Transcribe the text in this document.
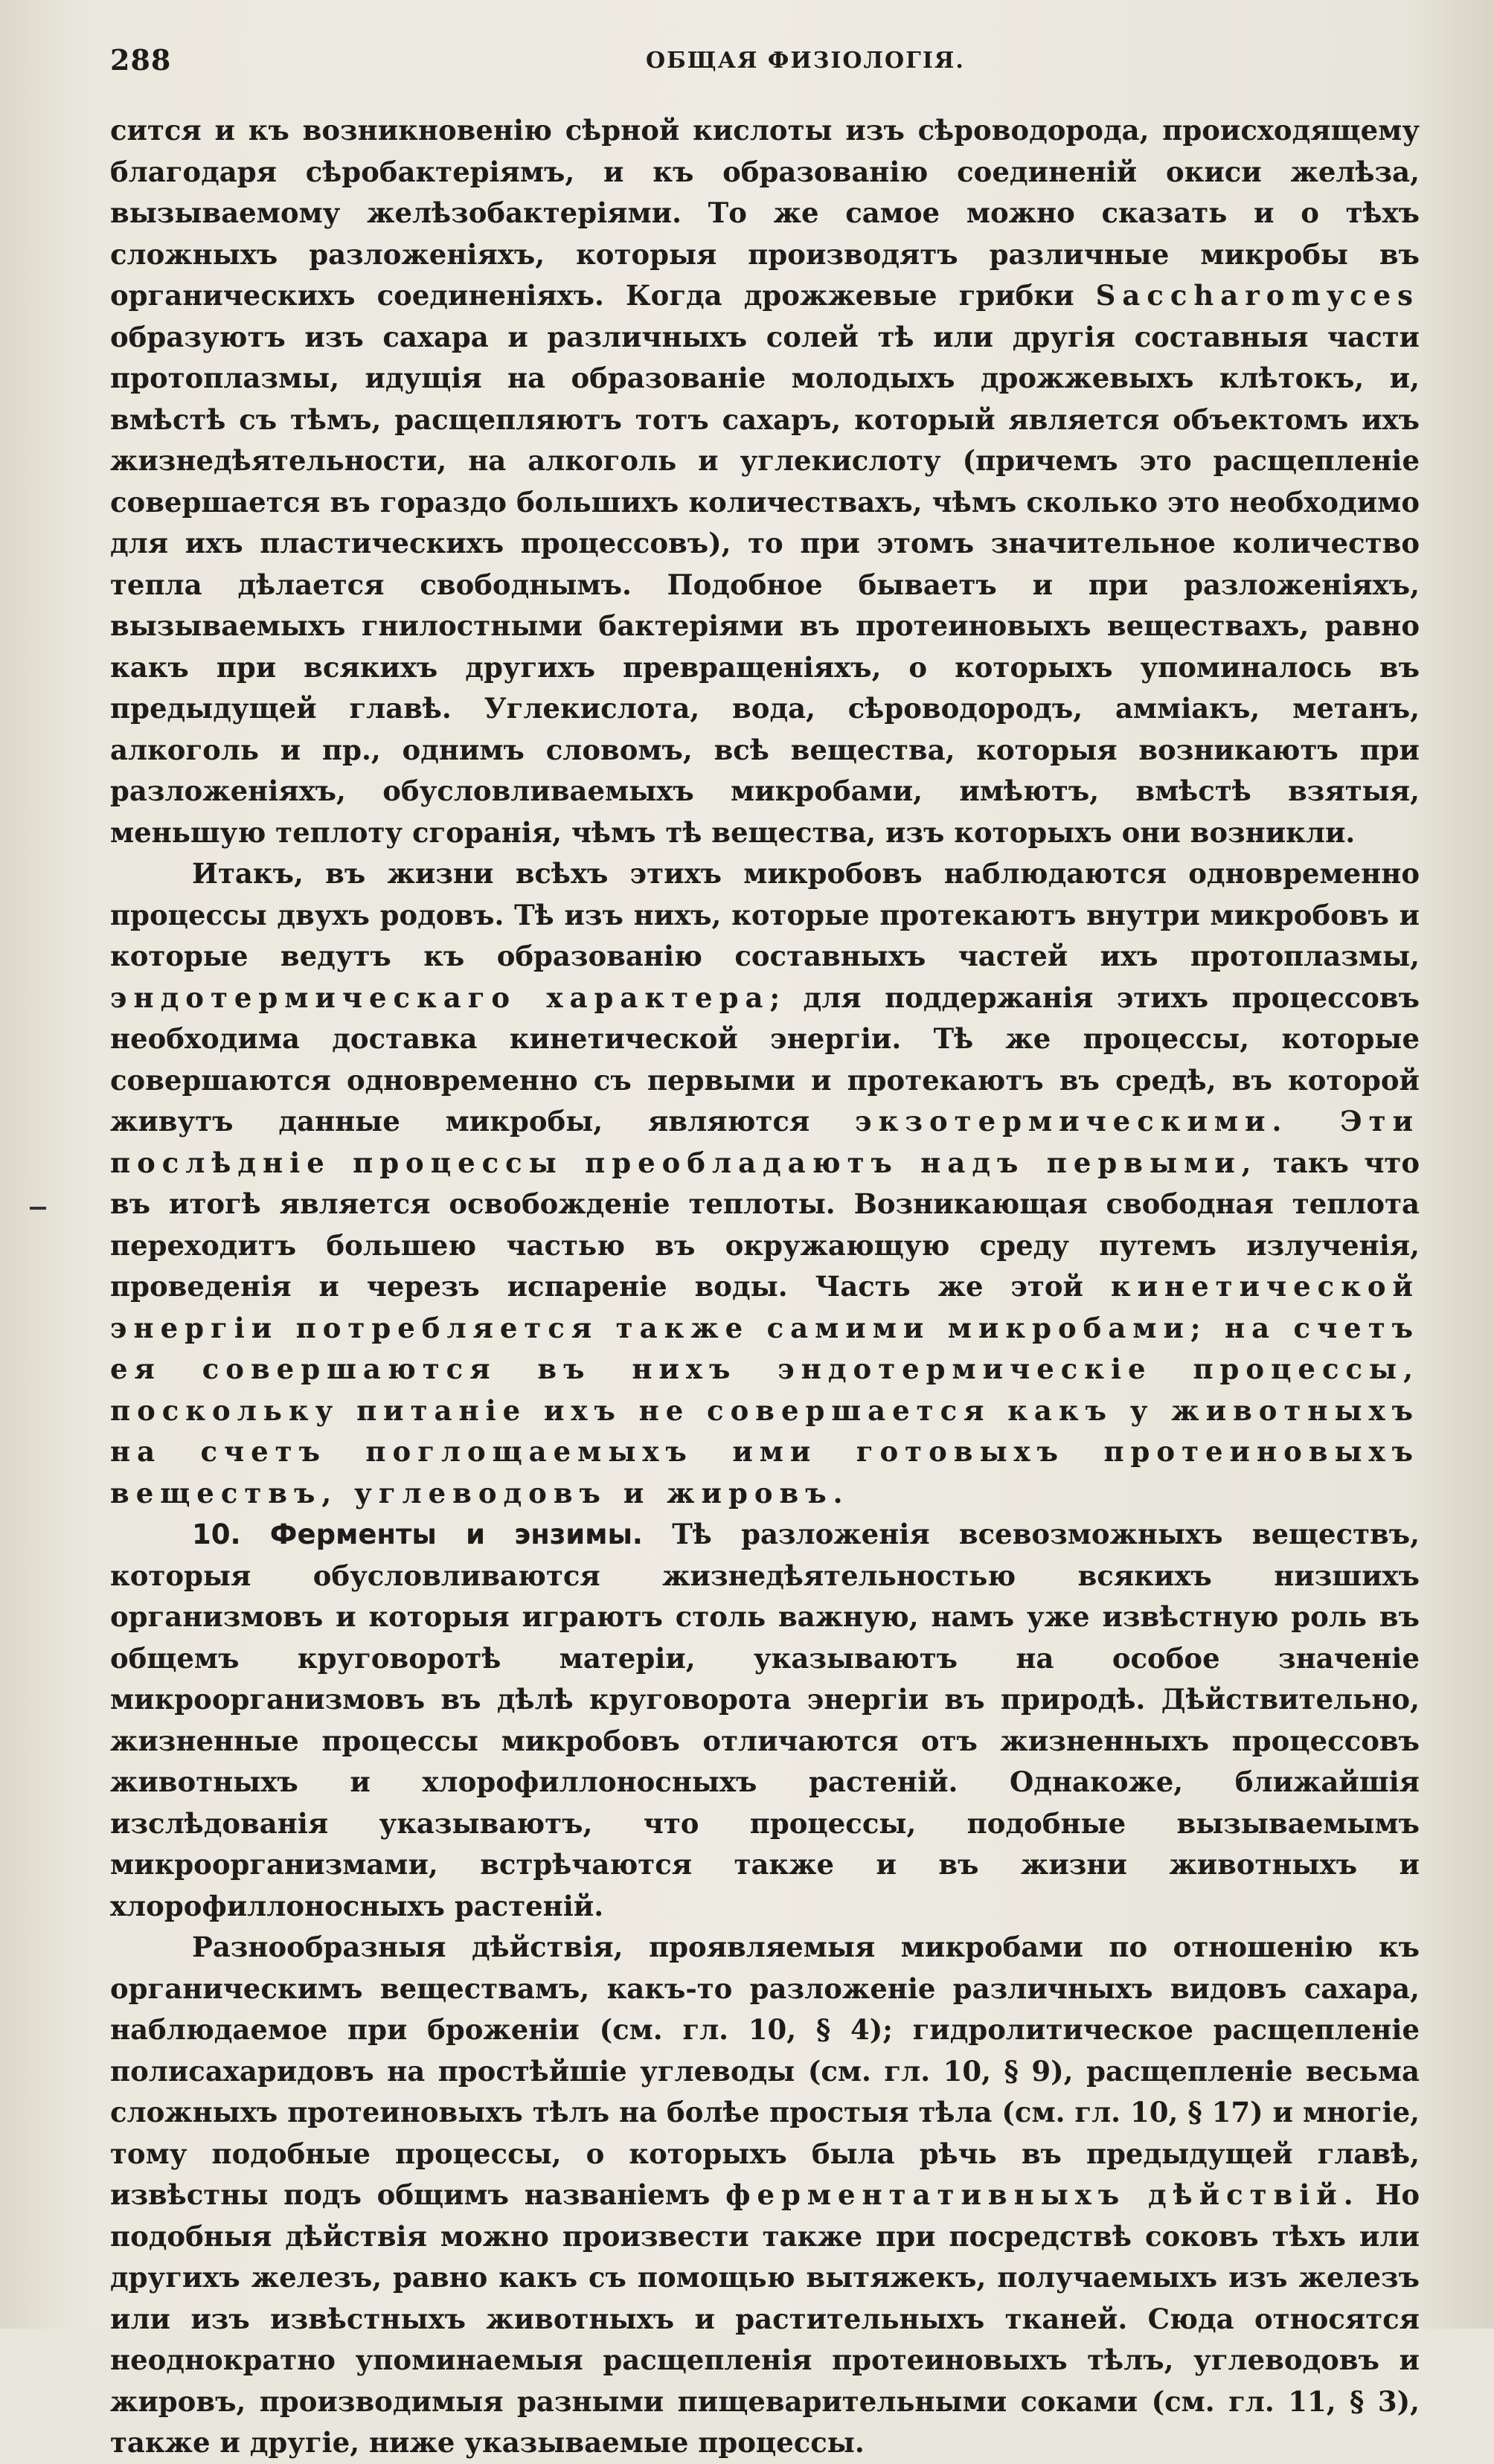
288	ОБЩАЯ ФИЗІОЛОГІЯ.

сится и къ возникновенію сѣрной кислоты изъ сѣроводорода, происходящему благодаря сѣробактеріямъ, и къ образованію соединеній окиси желѣза, вызываемому желѣзобактеріями. То же самое можно сказать и о тѣхъ сложныхъ разложеніяхъ, которыя производятъ различные микробы въ органическихъ соединеніяхъ. Когда дрожжевые грибки Saccharomyces образуютъ изъ сахара и различныхъ солей тѣ или другія составныя части протоплазмы, идущія на образованіе молодыхъ дрожжевыхъ клѣтокъ, и, вмѣстѣ съ тѣмъ, расщепляютъ тотъ сахаръ, который является объектомъ ихъ жизнедѣятельности, на алкоголь и углекислоту (причемъ это расщепленіе совершается въ гораздо большихъ количествахъ, чѣмъ сколько это необходимо для ихъ пластическихъ процессовъ), то при этомъ значительное количество тепла дѣлается свободнымъ. Подобное бываетъ и при разложеніяхъ, вызываемыхъ гнилостными бактеріями въ протеиновыхъ веществахъ, равно какъ при всякихъ другихъ превращеніяхъ, о которыхъ упоминалось въ предыдущей главѣ. Углекислота, вода, сѣроводородъ, амміакъ, метанъ, алкоголь и пр., однимъ словомъ, всѣ вещества, которыя возникаютъ при разложеніяхъ, обусловливаемыхъ микробами, имѣютъ, вмѣстѣ взятыя, меньшую теплоту сгоранія, чѣмъ тѣ вещества, изъ которыхъ они возникли.

Итакъ, въ жизни всѣхъ этихъ микробовъ наблюдаются одновременно процессы двухъ родовъ. Тѣ изъ нихъ, которые протекаютъ внутри микробовъ и которые ведутъ къ образованію составныхъ частей ихъ протоплазмы, эндотермическаго характера; для поддержанія этихъ процессовъ необходима доставка кинетической энергіи. Тѣ же процессы, которые совершаются одновременно съ первыми и протекаютъ въ средѣ, въ которой живутъ данные микробы, являются экзотермическими. Эти послѣдніе процессы преобладаютъ надъ первыми, такъ что въ итогѣ является освобожденіе теплоты. Возникающая свободная теплота переходитъ большею частью въ окружающую среду путемъ излученія, проведенія и черезъ испареніе воды. Часть же этой кинетической энергіи потребляется также самими микробами; на счетъ ея совершаются въ нихъ эндотермическіе процессы, поскольку питаніе ихъ не совершается какъ у животныхъ на счетъ поглощаемыхъ ими готовыхъ протеиновыхъ веществъ, углеводовъ и жировъ.

10. Ферменты и энзимы. Тѣ разложенія всевозможныхъ веществъ, которыя обусловливаются жизнедѣятельностью всякихъ низшихъ организмовъ и которыя играютъ столь важную, намъ уже извѣстную роль въ общемъ круговоротѣ матеріи, указываютъ на особое значеніе микроорганизмовъ въ дѣлѣ круговорота энергіи въ природѣ. Дѣйствительно, жизненные процессы микробовъ отличаются отъ жизненныхъ процессовъ животныхъ и хлорофиллоносныхъ растеній. Однакоже, ближайшія изслѣдованія указываютъ, что процессы, подобные вызываемымъ микроорганизмами, встрѣчаются также и въ жизни животныхъ и хлорофиллоносныхъ растеній.

Разнообразныя дѣйствія, проявляемыя микробами по отношенію къ органическимъ веществамъ, какъ-то разложеніе различныхъ видовъ сахара, наблюдаемое при броженіи (см. гл. 10, § 4); гидролитическое расщепленіе полисахаридовъ на простѣйшіе углеводы (см. гл. 10, § 9), расщепленіе весьма сложныхъ протеиновыхъ тѣлъ на болѣе простыя тѣла (см. гл. 10, § 17) и многіе, тому подобные процессы, о которыхъ была рѣчь въ предыдущей главѣ, извѣстны подъ общимъ названіемъ ферментативныхъ дѣйствій. Но подобныя дѣйствія можно произвести также при посредствѣ соковъ тѣхъ или другихъ железъ, равно какъ съ помощью вытяжекъ, получаемыхъ изъ железъ или изъ извѣстныхъ животныхъ и растительныхъ тканей. Сюда относятся неоднократно упоминаемыя расщепленія протеиновыхъ тѣлъ, углеводовъ и жировъ, производимыя разными пищеварительными соками (см. гл. 11, § 3), также и другіе, ниже указываемые процессы.
